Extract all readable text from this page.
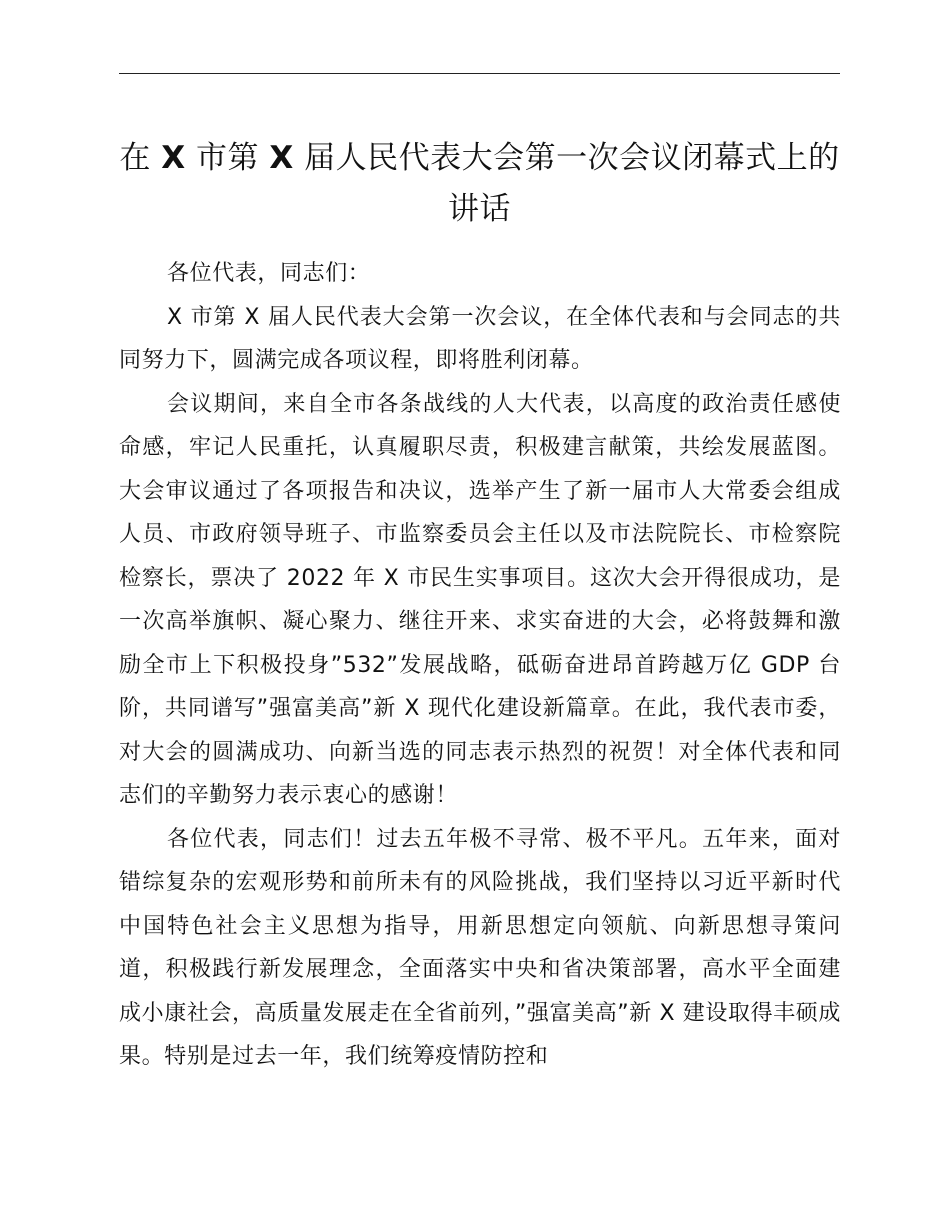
在 X 市第 X 届人民代表大会第一次会议闭幕式上的讲话

各位代表，同志们：

X 市第 X 届人民代表大会第一次会议，在全体代表和与会同志的共同努力下，圆满完成各项议程，即将胜利闭幕。

会议期间，来自全市各条战线的人大代表，以高度的政治责任感使命感，牢记人民重托，认真履职尽责，积极建言献策，共绘发展蓝图。大会审议通过了各项报告和决议，选举产生了新一届市人大常委会组成人员、市政府领导班子、市监察委员会主任以及市法院院长、市检察院检察长，票决了 2022 年 X 市民生实事项目。这次大会开得很成功，是一次高举旗帜、凝心聚力、继往开来、求实奋进的大会，必将鼓舞和激励全市上下积极投身”532”发展战略，砥砺奋进昂首跨越万亿 GDP 台阶，共同谱写”强富美高”新 X 现代化建设新篇章。在此，我代表市委，对大会的圆满成功、向新当选的同志表示热烈的祝贺！对全体代表和同志们的辛勤努力表示衷心的感谢！

各位代表，同志们！过去五年极不寻常、极不平凡。五年来，面对错综复杂的宏观形势和前所未有的风险挑战，我们坚持以习近平新时代中国特色社会主义思想为指导，用新思想定向领航、向新思想寻策问道，积极践行新发展理念，全面落实中央和省决策部署，高水平全面建成小康社会，高质量发展走在全省前列，”强富美高”新 X 建设取得丰硕成果。特别是过去一年，我们统筹疫情防控和
